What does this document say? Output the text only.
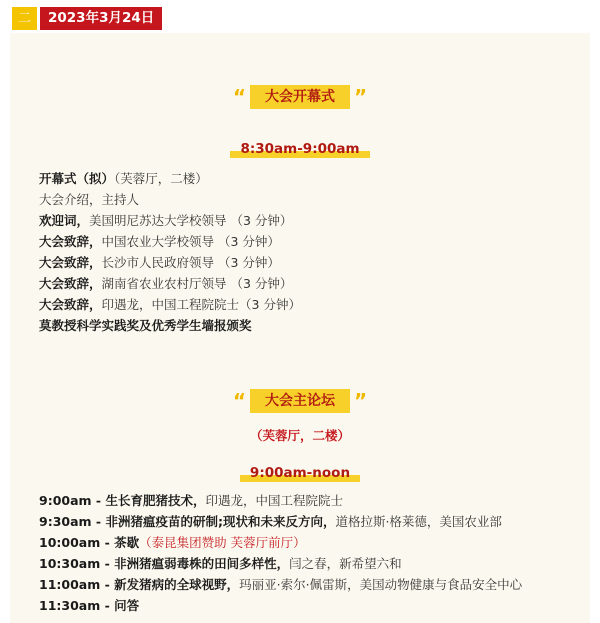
二	2023年3月24日
“	大会开幕式 ”
8:30am-9:00am
开幕式（拟）（芙蓉厅，二楼）
大会介绍，主持人
欢迎词，美国明尼苏达大学校领导 （3 分钟）
大会致辞，中国农业大学校领导 （3 分钟）
大会致辞，长沙市人民政府领导 （3 分钟）
大会致辞，湖南省农业农村厅领导 （3 分钟）
大会致辞，印遇龙，中国工程院院士（3 分钟）
莫教授科学实践奖及优秀学生墙报颁奖
“	大会主论坛 ”
（芙蓉厅，二楼）
9:00am-noon
9:00am - 生长育肥猪技术，印遇龙，中国工程院院士
9:30am - 非洲猪瘟疫苗的研制;现状和未来反方向，道格拉斯·格莱德，美国农业部
10:00am - 茶歇（泰昆集团赞助 芙蓉厅前厅）
10:30am - 非洲猪瘟弱毒株的田间多样性，闫之春，新希望六和
11:00am - 新发猪病的全球视野，玛丽亚·索尔·佩雷斯，美国动物健康与食品安全中心
11:30am - 问答
